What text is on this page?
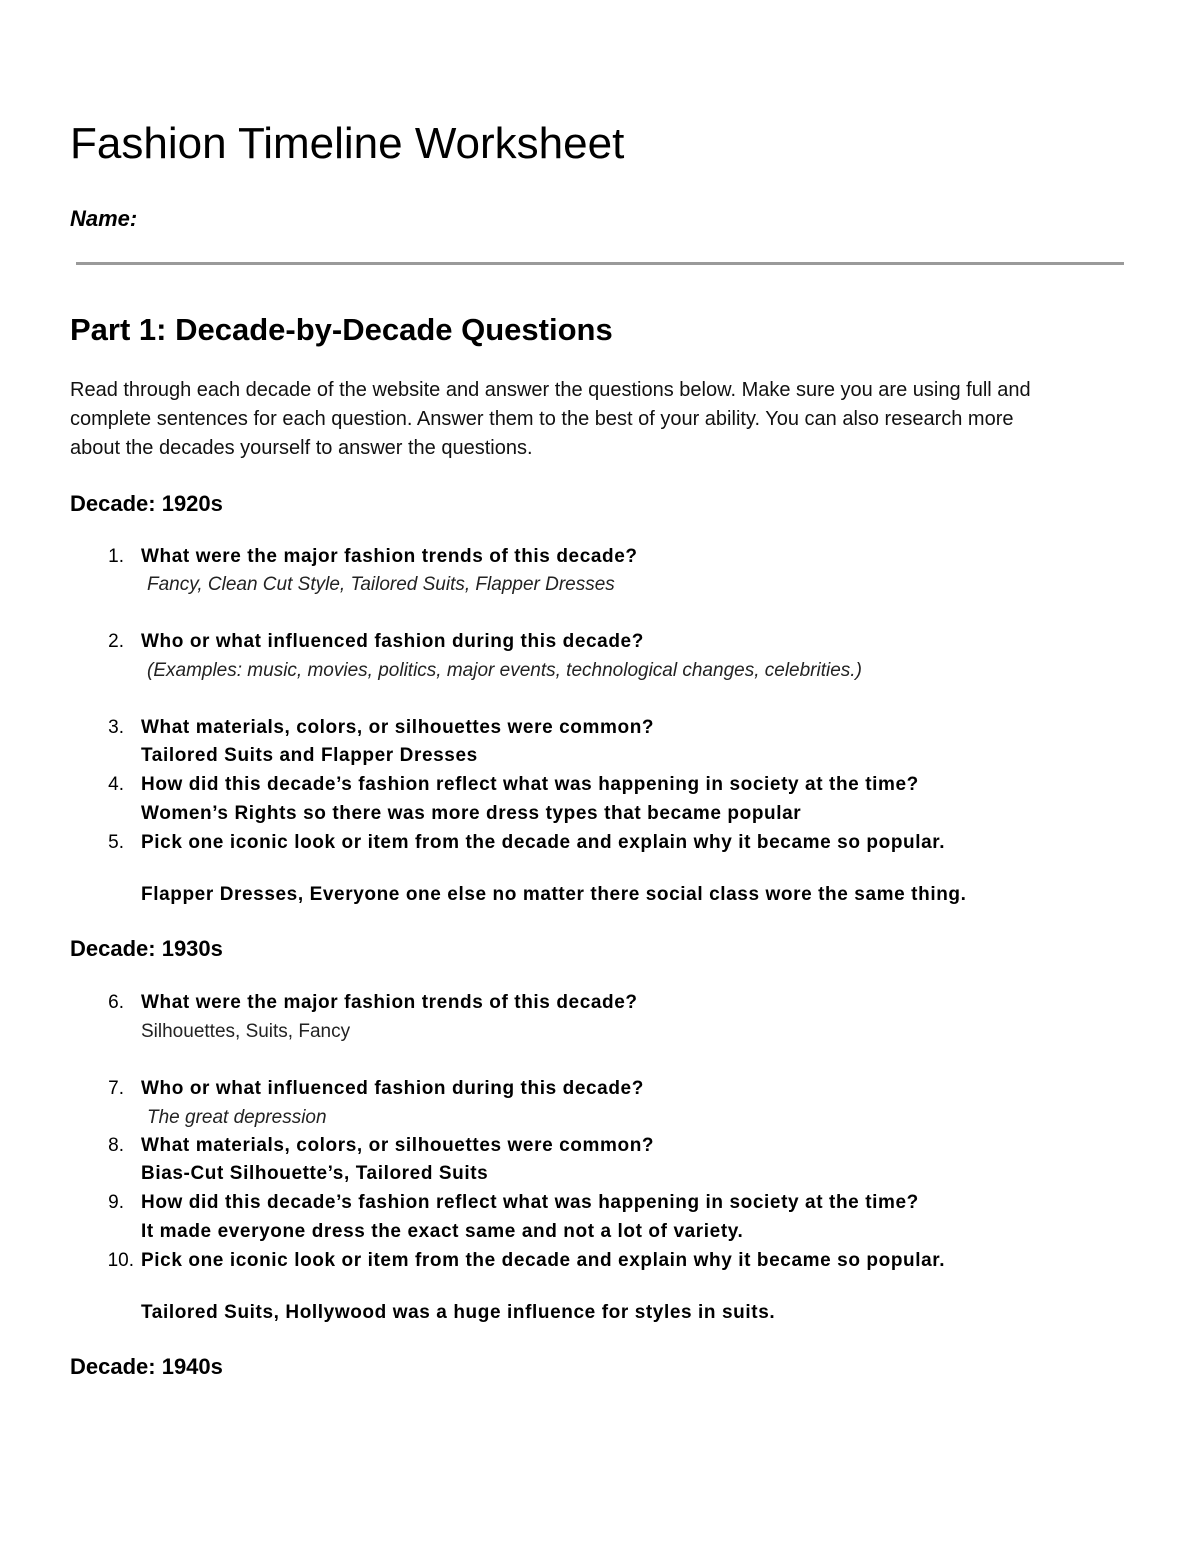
Fashion Timeline Worksheet
Name:
Part 1: Decade-by-Decade Questions
Read through each decade of the website and answer the questions below. Make sure you are using full and
complete sentences for each question. Answer them to the best of your ability. You can also research more
about the decades yourself to answer the questions.
Decade: 1920s
1. What were the major fashion trends of this decade?
Fancy, Clean Cut Style, Tailored Suits, Flapper Dresses
2. Who or what influenced fashion during this decade?
(Examples: music, movies, politics, major events, technological changes, celebrities.)
3. What materials, colors, or silhouettes were common?
Tailored Suits and Flapper Dresses
4. How did this decade’s fashion reflect what was happening in society at the time?
Women’s Rights so there was more dress types that became popular
5. Pick one iconic look or item from the decade and explain why it became so popular.
Flapper Dresses, Everyone one else no matter there social class wore the same thing.
Decade: 1930s
6. What were the major fashion trends of this decade?
Silhouettes, Suits, Fancy
7. Who or what influenced fashion during this decade?
The great depression
8. What materials, colors, or silhouettes were common?
Bias-Cut Silhouette’s, Tailored Suits
9. How did this decade’s fashion reflect what was happening in society at the time?
It made everyone dress the exact same and not a lot of variety.
10. Pick one iconic look or item from the decade and explain why it became so popular.
Tailored Suits, Hollywood was a huge influence for styles in suits.
Decade: 1940s
